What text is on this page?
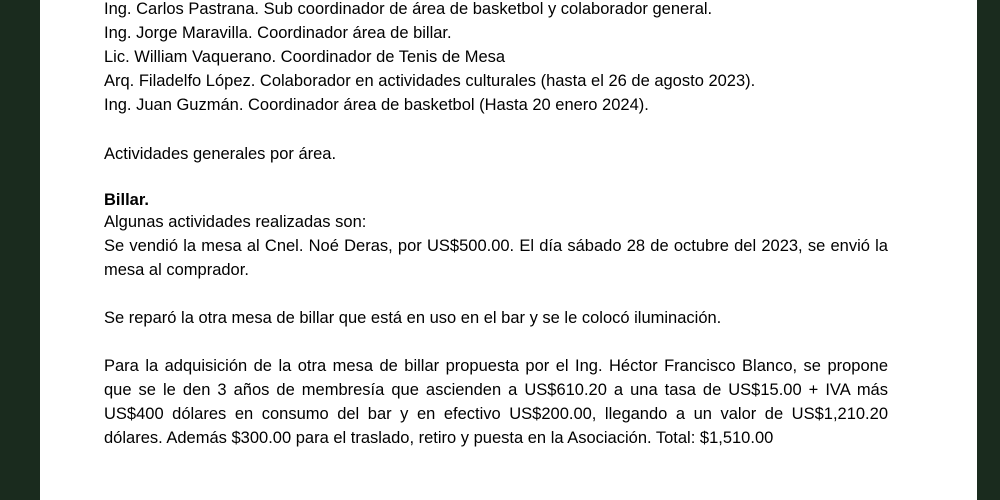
Ing. Carlos Pastrana. Sub coordinador de área de basketbol y colaborador general.

Ing. Jorge Maravilla. Coordinador área de billar.

Lic. William Vaquerano. Coordinador de Tenis de Mesa

Arq. Filadelfo López. Colaborador en actividades culturales (hasta el 26 de agosto 2023).

Ing. Juan Guzmán. Coordinador área de basketbol (Hasta 20 enero 2024).

Actividades generales por área.

Billar.

Algunas actividades realizadas son:

Se vendió la mesa al Cnel. Noé Deras, por US$500.00. El día sábado 28 de octubre del 2023, se envió la mesa al comprador.

Se reparó la otra mesa de billar que está en uso en el bar y se le colocó iluminación.

Para la adquisición de la otra mesa de billar propuesta por el Ing. Héctor Francisco Blanco, se propone que se le den 3 años de membresía que ascienden a US$610.20 a una tasa de US$15.00 + IVA más US$400 dólares en consumo del bar y en efectivo US$200.00, llegando a un valor de US$1,210.20 dólares. Además $300.00 para el traslado, retiro y puesta en la Asociación. Total: $1,510.00
